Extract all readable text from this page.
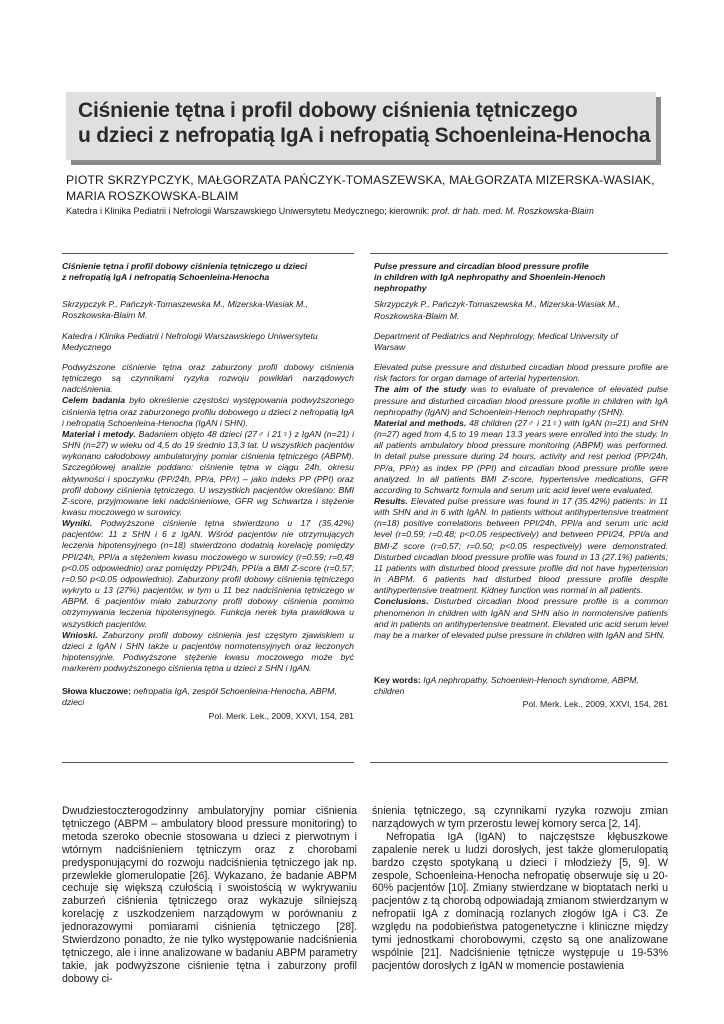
Ciśnienie tętna i profil dobowy ciśnienia tętniczego
u dzieci z nefropatią IgA i nefropatią Schoenleina-Henocha
PIOTR SKRZYPCZYK, MAŁGORZATA PAŃCZYK-TOMASZEWSKA, MAŁGORZATA MIZERSKA-WASIAK,
MARIA ROSZKOWSKA-BLAIM
Katedra i Klinika Pediatrii i Nefrologii Warszawskiego Uniwersytetu Medycznego; kierownik: prof. dr hab. med. M. Roszkowska-Blaim

Ciśnienie tętna i profil dobowy ciśnienia tętniczego u dzieci

z nefropatią IgA i nefropatią Schoenleina-Henocha

Skrzypczyk P., Pańczyk-Tomaszewska M., Mizerska-Wasiak M.,

Roszkowska-Blaim M.

Katedra i Klinika Pediatrii i Nefrologii Warszawskiego Uniwersytetu

Medycznego

Podwyższone ciśnienie tętna oraz zaburzony profil dobowy ciśnienia tętniczego są czynnikami ryzyka rozwoju powikłań narządowych nadciśnienia.

Celem badania było określenie częstości występowania podwyższonego ciśnienia tętna oraz zaburzonego profilu dobowego u dzieci z nefropatią IgA i nefropatią Schoenleina-Henocha (IgAN i SHN).

Materiał i metody. Badaniem objęto 48 dzieci (27♂ i 21♀) z IgAN (n=21) i SHN (n=27) w wieku od 4,5 do 19 średnio 13,3 lat. U wszystkich pacjentów wykonano całodobowy ambulatoryjny pomiar ciśnienia tętniczego (ABPM). Szczegółowej analizie poddano: ciśnienie tętna w ciągu 24h, okresu aktywności i spoczynku (PP/24h, PP/a, PP/r) – jako indeks PP (PPI) oraz profil dobowy ciśnienia tętniczego. U wszystkich pacjentów określano: BMI Z-score, przyjmowane leki nadciśnieniowe, GFR wg Schwartza i stężenie kwasu moczowego w surowicy.

Wyniki. Podwyższone ciśnienie tętna stwierdzono u 17 (35,42%) pacjentów: 11 z SHN i 6 z IgAN. Wśród pacjentów nie otrzymujących leczenia hipotensyjnego (n=18) stwierdzono dodatnią korelację pomiędzy PPI/24h, PPI/a a stężeniem kwasu moczowego w surowicy (r=0.59; r=0,48 p<0.05 odpowiednio) oraz pomiędzy PPI/24h, PPI/a a BMI Z-score (r=0.57; r=0.50 p<0.05 odpowiednio). Zaburzony profil dobowy ciśnienia tętniczego wykryto u 13 (27%) pacjentów, w tym u 11 bez nadciśnienia tętniczego w ABPM. 6 pacjentów miało zaburzony profil dobowy ciśnienia pomimo otrzymywania leczenia hipotensyjnego. Funkcja nerek była prawidłowa u wszystkich pacjentów.

Wnioski. Zaburzony profil dobowy ciśnienia jest częstym zjawiskiem u dzieci z IgAN i SHN także u pacjentów normotensyjnych oraz leczonych hipotensyjnie. Podwyższone stężenie kwasu moczowego może być markerem podwyższonego ciśnienia tętna u dzieci z SHN i IgAN.

Słowa kluczowe: nefropatia IgA, zespół Schoenleina-Henocha, ABPM, dzieci

Pol. Merk. Lek., 2009, XXVI, 154, 281

Pulse pressure and circadian blood pressure profile

in children with IgA nephropathy and Shoenlein-Henoch

nephropathy

Skrzypczyk P., Pańczyk-Tomaszewska M., Mizerska-Wasiak M.,

Roszkowska-Blaim M.

Department of Pediatrics and Nephrology, Medical University of

Warsaw

Elevated pulse pressure and disturbed circadian blood pressure profile are risk factors for organ damage of arterial hypertension.

The aim of the study was to evaluate of prevalence of elevated pulse pressure and disturbed circadian blood pressure profile in children with IgA nephropathy (IgAN) and Schoenlein-Henoch nephropathy (SHN).

Material and methods. 48 children (27♂ i 21♀) with IgAN (n=21) and SHN (n=27) aged from 4,5 to 19 mean 13.3 years were enrolled into the study. In all patients ambulatory blood pressure monitoring (ABPM) was performed. In detail pulse pressure during 24 hours, activity and rest period (PP/24h, PP/a, PP/r) as index PP (PPI) and circadian blood pressure profile were analyzed. In all patients BMI Z-score, hypertensive medications, GFR according to Schwartz formula and serum uric acid level were evaluated.

Results. Elevated pulse pressure was found in 17 (35.42%) patients: in 11 with SHN and in 6 with IgAN. In patients without antihypertensive treatment (n=18) positive correlations between PPI/24h, PPI/a and serum uric acid level (r=0.59; r=0.48; p<0.05 respectively) and between PPI/24, PPI/a and BMI-Z score (r=0.57; r=0.50; p<0.05 respectively) were demonstrated. Disturbed circadian blood pressure profile was found in 13 (27.1%) patients; 11 patients with disturbed blood pressure profile did not have hypertension in ABPM. 6 patients had disturbed blood pressure profile despite antihypertensive treatment. Kidney function was normal in all patients.

Conclusions. Disturbed circadian blood pressure profile is a common phenomenon in children with IgAN and SHN also in normotensive patients and in patients on antihypertensive treatment. Elevated uric acid serum level may be a marker of elevated pulse pressure in children with IgAN and SHN.

Key words: IgA nephropathy, Schoenlein-Henoch syndrome, ABPM, children

Pol. Merk. Lek., 2009, XXVI, 154, 281

Dwudziestoczterogodzinny ambulatoryjny pomiar ciśnienia tętniczego (ABPM – ambulatory blood pressure monitoring) to metoda szeroko obecnie stosowana u dzieci z pierwotnym i wtórnym nadciśnieniem tętniczym oraz z chorobami predysponującymi do rozwoju nadciśnienia tętniczego jak np. przewlekłe glomerulopatie [26]. Wykazano, że badanie ABPM cechuje się większą czułością i swoistością w wykrywaniu zaburzeń ciśnienia tętniczego oraz wykazuje silniejszą korelację z uszkodzeniem narządowym w porównaniu z jednorazowymi pomiarami ciśnienia tętniczego [28]. Stwierdzono ponadto, że nie tylko występowanie nadciśnienia tętniczego, ale i inne analizowane w badaniu ABPM parametry takie, jak podwyższone ciśnienie tętna i zaburzony profil dobowy ci-

śnienia tętniczego, są czynnikami ryzyka rozwoju zmian narządowych w tym przerostu lewej komory serca [2, 14].

Nefropatia IgA (IgAN) to najczęstsze kłębuszkowe zapalenie nerek u ludzi dorosłych, jest także glomerulopatią bardzo często spotykaną u dzieci i młodzieży [5, 9]. W zespole, Schoenleina-Henocha nefropatię obserwuje się u 20-60% pacjentów [10]. Zmiany stwierdzane w bioptatach nerki u pacjentów z tą chorobą odpowiadają zmianom stwierdzanym w nefropatii IgA z dominacją rozlanych złogów IgA i C3. Ze względu na podobieństwa patogenetyczne i kliniczne między tymi jednostkami chorobowymi, często są one analizowane wspólnie [21]. Nadciśnienie tętnicze występuje u 19-53% pacjentów dorosłych z IgAN w momencie postawienia
